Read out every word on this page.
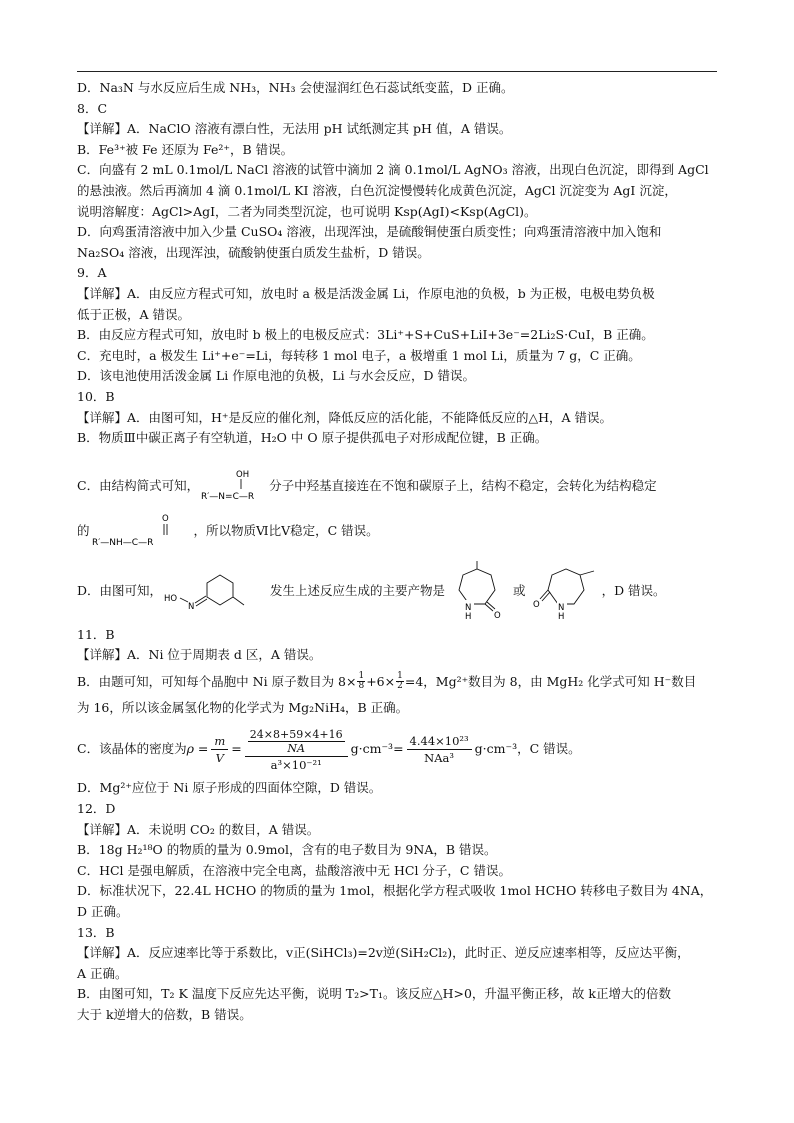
D．Na₃N 与水反应后生成 NH₃，NH₃ 会使湿润红色石蕊试纸变蓝，D 正确。
8．C
【详解】A．NaClO 溶液有漂白性，无法用 pH 试纸测定其 pH 值，A 错误。
B．Fe³⁺被 Fe 还原为 Fe²⁺，B 错误。
C．向盛有 2 mL 0.1mol/L NaCl 溶液的试管中滴加 2 滴 0.1mol/L AgNO₃ 溶液，出现白色沉淀，即得到 AgCl
的悬浊液。然后再滴加 4 滴 0.1mol/L KI 溶液，白色沉淀慢慢转化成黄色沉淀，AgCl 沉淀变为 AgI 沉淀，
说明溶解度：AgCl>AgI，二者为同类型沉淀，也可说明 Ksp(AgI)<Ksp(AgCl)。
D．向鸡蛋清溶液中加入少量 CuSO₄ 溶液，出现浑浊，是硫酸铜使蛋白质变性；向鸡蛋清溶液中加入饱和
Na₂SO₄ 溶液，出现浑浊，硫酸钠使蛋白质发生盐析，D 错误。
9．A
【详解】A．由反应方程式可知，放电时 a 极是活泼金属 Li，作原电池的负极，b 为正极，电极电势负极
低于正极，A 错误。
B．由反应方程式可知，放电时 b 极上的电极反应式：3Li⁺+S+CuS+LiI+3e⁻=2Li₂S·CuI，B 正确。
C．充电时，a 极发生 Li⁺+e⁻=Li，每转移 1 mol 电子，a 极增重 1 mol Li，质量为 7 g，C 正确。
D．该电池使用活泼金属 Li 作原电池的负极，Li 与水会反应，D 错误。
10．B
【详解】A．由图可知，H⁺是反应的催化剂，降低反应的活化能，不能降低反应的△H，A 错误。
B．物质Ⅲ中碳正离子有空轨道，H₂O 中 O 原子提供孤电子对形成配位键，B 正确。
C．由结构简式可知，
OH
R′—N=C—R
分子中羟基直接连在不饱和碳原子上，结构不稳定，会转化为结构稳定
的
O
R′—NH—C—R
，所以物质Ⅵ比Ⅴ稳定，C 错误。
D．由图可知，
HO
N
发生上述反应生成的主要产物是
N
H	O
或
O N
H
，D 错误。
11．B
【详解】A．Ni 位于周期表 d 区，A 错误。
B．由题可知，可知每个晶胞中 Ni 原子数目为 $8\times \frac{1}{8} +6\times \frac{1}{2} =4$，Mg²⁺数目为 8，由 MgH₂ 化学式可知 H⁻数目
为 16，所以该金属氢化物的化学式为 Mg₂NiH₄，B 正确。
C．该晶体的密度为 $\rho = \frac{m}{V} = \frac{\frac{24\times 8+59\times 4+16}{NA}}{\text{a³×10⁻²¹}} g\cdot cm^{-3}= \frac{\text{4.44×10²³}}{\text{NAa³}} g\cdot cm^{-3}$，C 错误。
D．Mg²⁺应位于 Ni 原子形成的四面体空隙，D 错误。
12．D
【详解】A．未说明 CO₂ 的数目，A 错误。
B．18g H₂¹⁸O 的物质的量为 0.9mol，含有的电子数目为 9NA，B 错误。
C．HCl 是强电解质，在溶液中完全电离，盐酸溶液中无 HCl 分子，C 错误。
D．标准状况下，22.4L HCHO 的物质的量为 1mol，根据化学方程式吸收 1mol HCHO 转移电子数目为 4NA，
D 正确。
13．B
【详解】A．反应速率比等于系数比，v正(SiHCl₃)=2v逆(SiH₂Cl₂)，此时正、逆反应速率相等，反应达平衡，
A 正确。
B．由图可知，T₂ K 温度下反应先达平衡，说明 T₂>T₁。该反应△H>0，升温平衡正移，故 k正增大的倍数
大于 k逆增大的倍数，B 错误。
